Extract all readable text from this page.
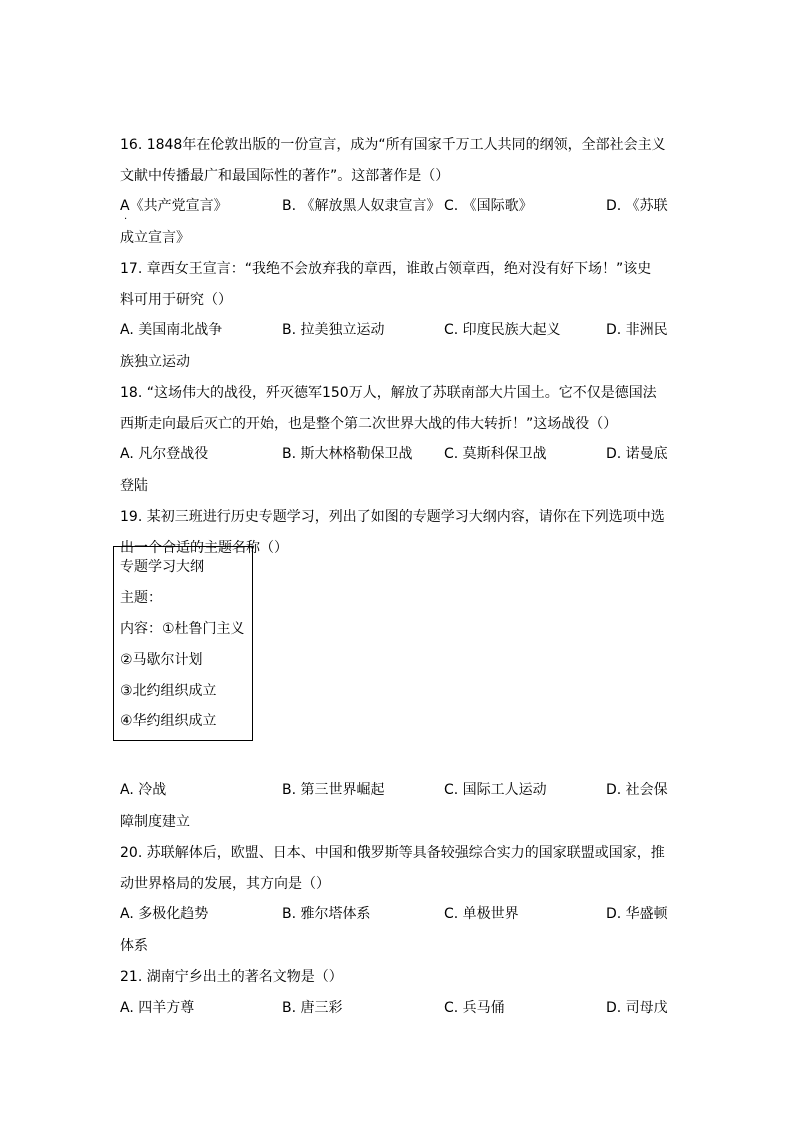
16. 1848年在伦敦出版的一份宣言，成为“所有国家千万工人共同的纲领，全部社会主义
文献中传播最广和最国际性的著作”。这部著作是（）
A《共产党宣言》
·
B. 《解放黑人奴隶宣言》 C. 《国际歌》	D. 《苏联
成立宣言》
17. 章西女王宣言：“我绝不会放弃我的章西，谁敢占领章西，绝对没有好下场！”该史
料可用于研究（）
A. 美国南北战争	B. 拉美独立运动	C. 印度民族大起义	D. 非洲民
族独立运动
18. “这场伟大的战役，歼灭德军150万人，解放了苏联南部大片国土。它不仅是德国法
西斯走向最后灭亡的开始，也是整个第二次世界大战的伟大转折！”这场战役（）
A. 凡尔登战役	B. 斯大林格勒保卫战 C. 莫斯科保卫战	D. 诺曼底
登陆
19. 某初三班进行历史专题学习，列出了如图的专题学习大纲内容，请你在下列选项中选
出一个合适的主题名称（）
专题学习大纲
主题：
内容：①杜鲁门主义
②马歇尔计划
③北约组织成立
④华约组织成立
A. 冷战	B. 第三世界崛起	C. 国际工人运动	D. 社会保
障制度建立
20. 苏联解体后，欧盟、日本、中国和俄罗斯等具备较强综合实力的国家联盟或国家，推
动世界格局的发展，其方向是（）
A. 多极化趋势	B. 雅尔塔体系	C. 单极世界	D. 华盛顿
体系
21. 湖南宁乡出土的著名文物是（）
A. 四羊方尊	B. 唐三彩	C. 兵马俑	D. 司母戊
